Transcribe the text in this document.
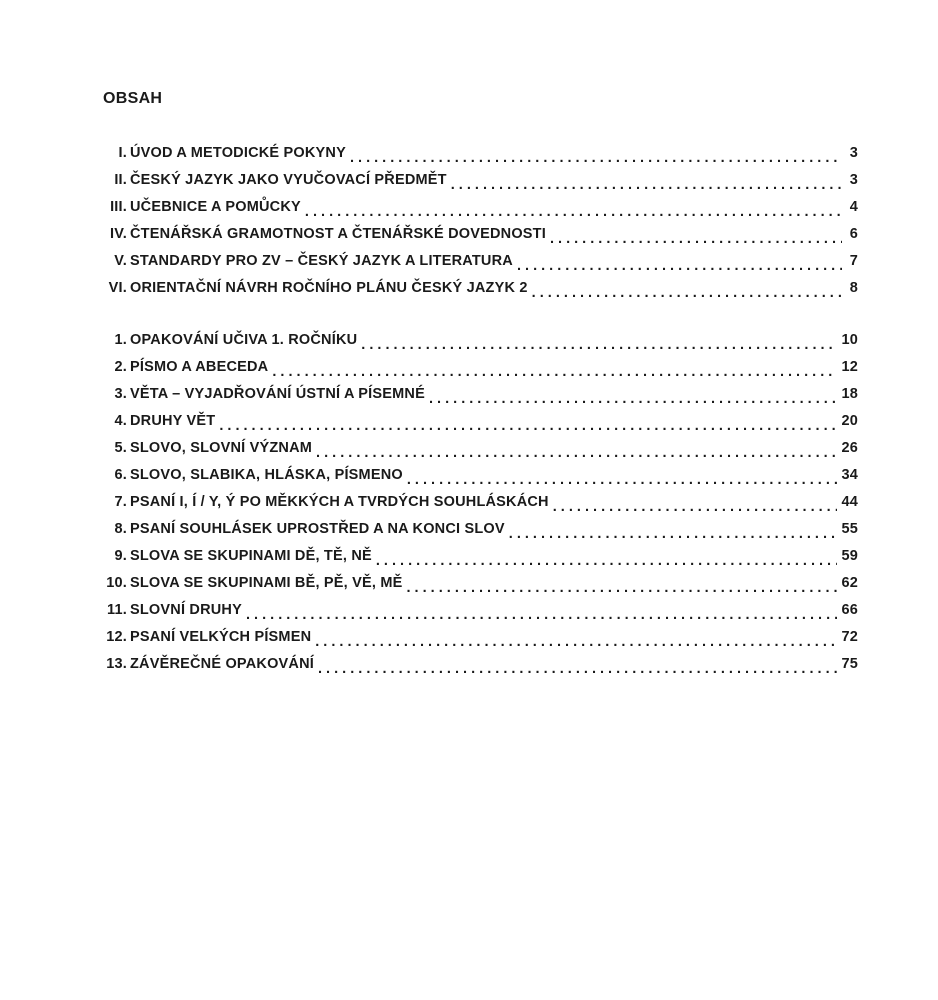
OBSAH
I. ÚVOD A METODICKÉ POKYNY . . .	3
II. ČESKÝ JAZYK JAKO VYUČOVACÍ PŘEDMĚT . . .	3
III. UČEBNICE A POMŮCKY . . .	4
IV. ČTENÁŘSKÁ GRAMOTNOST A ČTENÁŘSKÉ DOVEDNOSTI . . .	6
V. STANDARDY PRO ZV – ČESKÝ JAZYK A LITERATURA . . .	7
VI. ORIENTAČNÍ NÁVRH ROČNÍHO PLÁNU ČESKÝ JAZYK 2 . . .	8
1. OPAKOVÁNÍ UČIVA 1. ROČNÍKU . . .	10
2. PÍSMO A ABECEDA . . .	12
3. VĚTA – VYJADŘOVÁNÍ ÚSTNÍ A PÍSEMNÉ . . .	18
4. DRUHY VĚT . . .	20
5. SLOVO, SLOVNÍ VÝZNAM . . .	26
6. SLOVO, SLABIKA, HLÁSKA, PÍSMENO . . .	34
7. PSANÍ I, Í / Y, Ý PO MĚKKÝCH A TVRDÝCH SOUHLÁSKÁCH . . .	44
8. PSANÍ SOUHLÁSEK UPROSTŘED A NA KONCI SLOV . . .	55
9. SLOVA SE SKUPINAMI DĚ, TĚ, NĚ . . .	59
10. SLOVA SE SKUPINAMI BĚ, PĚ, VĚ, MĚ . . .	62
11. SLOVNÍ DRUHY . . .	66
12. PSANÍ VELKÝCH PÍSMEN . . .	72
13. ZÁVĚREČNÉ OPAKOVÁNÍ . . .	75
